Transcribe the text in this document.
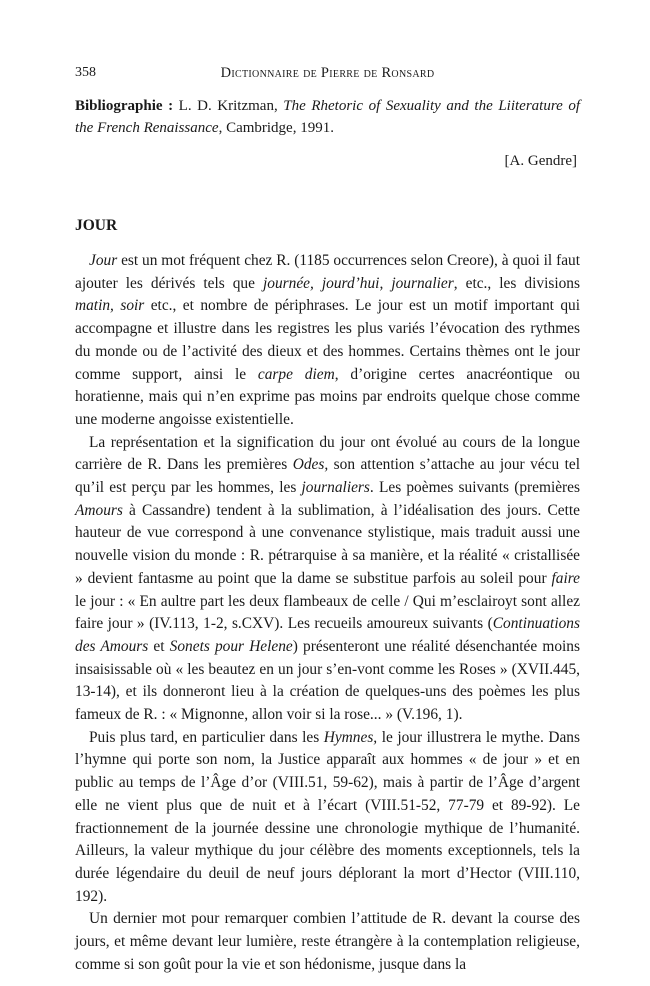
358	Dictionnaire de Pierre de Ronsard
Bibliographie : L. D. Kritzman, The Rhetoric of Sexuality and the Liiterature of the French Renaissance, Cambridge, 1991.
[A. Gendre]
JOUR

Jour est un mot fréquent chez R. (1185 occurrences selon Creore), à quoi il faut ajouter les dérivés tels que journée, jourd’hui, journalier, etc., les divisions matin, soir etc., et nombre de périphrases. Le jour est un motif important qui accompagne et illustre dans les registres les plus variés l’évocation des rythmes du monde ou de l’activité des dieux et des hommes. Certains thèmes ont le jour comme support, ainsi le carpe diem, d’origine certes anacréontique ou horatienne, mais qui n’en exprime pas moins par endroits quelque chose comme une moderne angoisse existentielle.

La représentation et la signification du jour ont évolué au cours de la longue carrière de R. Dans les premières Odes, son attention s’attache au jour vécu tel qu’il est perçu par les hommes, les journaliers. Les poèmes suivants (premières Amours à Cassandre) tendent à la sublimation, à l’idéalisation des jours. Cette hauteur de vue correspond à une convenance stylistique, mais traduit aussi une nouvelle vision du monde : R. pétrarquise à sa manière, et la réalité « cristallisée » devient fantasme au point que la dame se substitue parfois au soleil pour faire le jour : « En aultre part les deux flambeaux de celle / Qui m’esclairoyt sont allez faire jour » (IV.113, 1-2, s.CXV). Les recueils amoureux suivants (Continuations des Amours et Sonets pour Helene) présenteront une réalité désenchantée moins insaisissable où « les beautez en un jour s’en-vont comme les Roses » (XVII.445, 13-14), et ils donneront lieu à la création de quelques-uns des poèmes les plus fameux de R. : « Mignonne, allon voir si la rose... » (V.196, 1).

Puis plus tard, en particulier dans les Hymnes, le jour illustrera le mythe. Dans l’hymne qui porte son nom, la Justice apparaît aux hommes « de jour » et en public au temps de l’Âge d’or (VIII.51, 59-62), mais à partir de l’Âge d’argent elle ne vient plus que de nuit et à l’écart (VIII.51-52, 77-79 et 89-92). Le fractionnement de la journée dessine une chronologie mythique de l’humanité. Ailleurs, la valeur mythique du jour célèbre des moments exceptionnels, tels la durée légendaire du deuil de neuf jours déplorant la mort d’Hector (VIII.110, 192).

Un dernier mot pour remarquer combien l’attitude de R. devant la course des jours, et même devant leur lumière, reste étrangère à la contemplation religieuse, comme si son goût pour la vie et son hédonisme, jusque dans la
